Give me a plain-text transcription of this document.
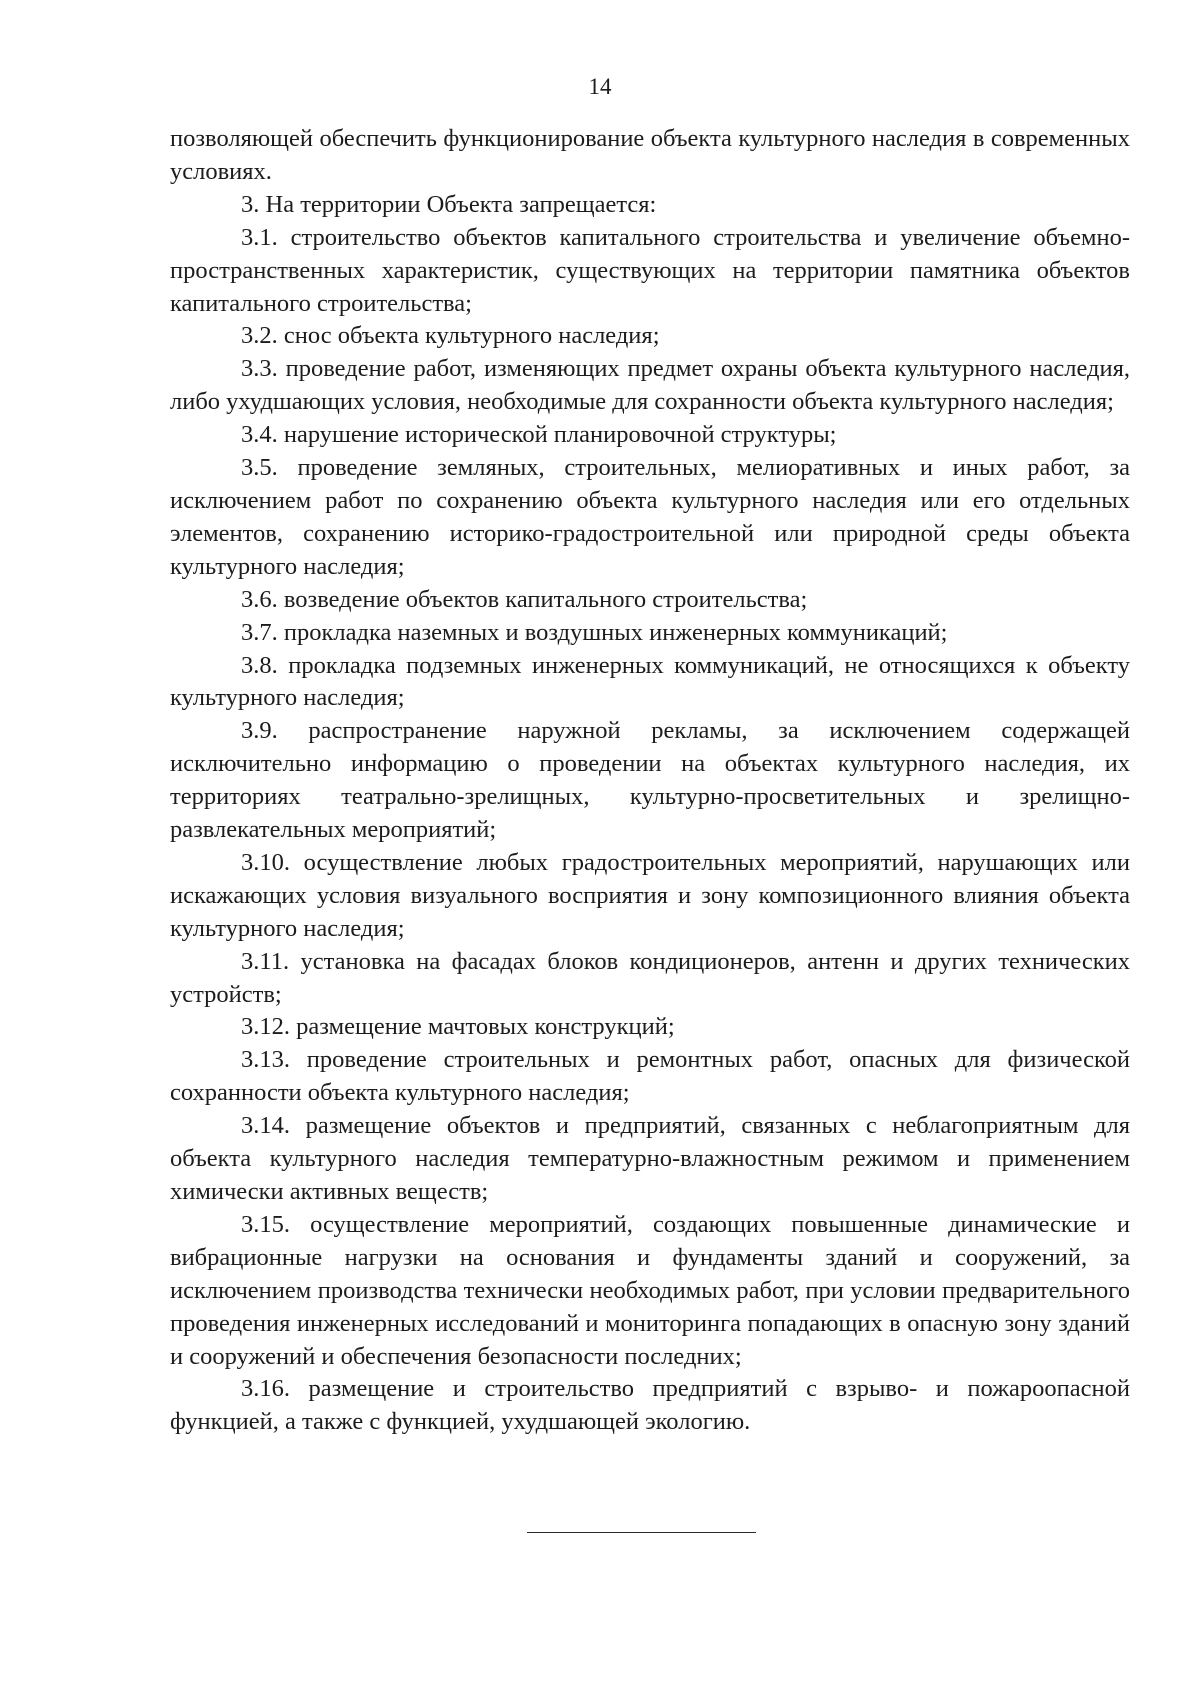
14

позволяющей обеспечить функционирование объекта культурного наследия в современных условиях.

3. На территории Объекта запрещается:

3.1. строительство объектов капитального строительства и увеличение объемно-пространственных характеристик, существующих на территории памятника объектов капитального строительства;

3.2. снос объекта культурного наследия;

3.3. проведение работ, изменяющих предмет охраны объекта культурного наследия, либо ухудшающих условия, необходимые для сохранности объекта культурного наследия;

3.4. нарушение исторической планировочной структуры;

3.5. проведение земляных, строительных, мелиоративных и иных работ, за исключением работ по сохранению объекта культурного наследия или его отдельных элементов, сохранению историко-градостроительной или природной среды объекта культурного наследия;

3.6. возведение объектов капитального строительства;

3.7. прокладка наземных и воздушных инженерных коммуникаций;

3.8. прокладка подземных инженерных коммуникаций, не относящихся к объекту культурного наследия;

3.9. распространение наружной рекламы, за исключением содержащей исключительно информацию о проведении на объектах культурного наследия, их территориях театрально-зрелищных, культурно-просветительных и зрелищно-развлекательных мероприятий;

3.10. осуществление любых градостроительных мероприятий, нарушающих или искажающих условия визуального восприятия и зону композиционного влияния объекта культурного наследия;

3.11. установка на фасадах блоков кондиционеров, антенн и других технических устройств;

3.12. размещение мачтовых конструкций;

3.13. проведение строительных и ремонтных работ, опасных для физической сохранности объекта культурного наследия;

3.14. размещение объектов и предприятий, связанных с неблагоприятным для объекта культурного наследия температурно-влажностным режимом и применением химически активных веществ;

3.15. осуществление мероприятий, создающих повышенные динамические и вибрационные нагрузки на основания и фундаменты зданий и сооружений, за исключением производства технически необходимых работ, при условии предварительного проведения инженерных исследований и мониторинга попадающих в опасную зону зданий и сооружений и обеспечения безопасности последних;

3.16. размещение и строительство предприятий с взрыво- и пожароопасной функцией, а также с функцией, ухудшающей экологию.
